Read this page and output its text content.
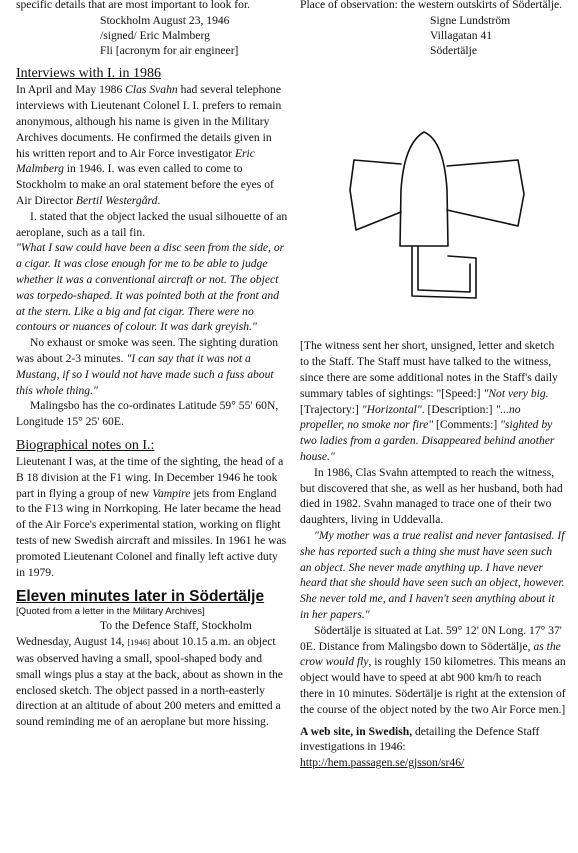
specific details that are most important to look for.

Stockholm August 23, 1946
/signed/ Eric Malmberg
Fli [acronym for air engineer]
Interviews with I. in 1986

In April and May 1986 Clas Svahn had several telephone interviews with Lieutenant Colonel I. I. prefers to remain anonymous, although his name is given in the Military Archives documents. He confirmed the details given in his written report and to Air Force investigator Eric Malmberg in 1946. I. was even called to come to Stockholm to make an oral statement before the eyes of Air Director Bertil Westergård.

I. stated that the object lacked the usual silhouette of an aeroplane, such as a tail fin.

"What I saw could have been a disc seen from the side, or a cigar. It was close enough for me to be able to judge whether it was a conventional aircraft or not. The object was torpedo-shaped. It was pointed both at the front and at the stern. Like a big and fat cigar. There were no contours or nuances of colour. It was dark greyish."

No exhaust or smoke was seen. The sighting duration was about 2-3 minutes. "I can say that it was not a Mustang, if so I would not have made such a fuss about this whole thing."

Malingsbo has the co-ordinates Latitude 59° 55' 60N, Longitude 15° 25' 60E.

Biographical notes on I.:

Lieutenant I was, at the time of the sighting, the head of a B 18 division at the F1 wing. In December 1946 he took part in flying a group of new Vampire jets from England to the F13 wing in Norrkoping. He later became the head of the Air Force's experimental station, working on flight tests of new Swedish aircraft and missiles. In 1961 he was promoted Lieutenant Colonel and finally left active duty in 1979.

Eleven minutes later in Södertälje
[Quoted from a letter in the Military Archives]

To the Defence Staff, Stockholm

Wednesday, August 14, [1946] about 10.15 a.m. an object was observed having a small, spool-shaped body and small wings plus a stay at the back, about as shown in the enclosed sketch. The object passed in a north-easterly direction at an altitude of about 200 meters and emitted a sound reminding me of an aeroplane but more hissing.

Place of observation: the western outskirts of Södertälje.

Signe Lundström
Villagatan 41
Södertälje

[The witness sent her short, unsigned, letter and sketch to the Staff. The Staff must have talked to the witness, since there are some additional notes in the Staff's daily summary tables of sightings: "[Speed:] "Not very big. [Trajectory:] "Horizontal". [Description:] "...no propeller, no smoke nor fire" [Comments:] "sighted by two ladies from a garden. Disappeared behind another house."

In 1986, Clas Svahn attempted to reach the witness, but discovered that she, as well as her husband, both had died in 1982. Svahn managed to trace one of their two daughters, living in Uddevalla.

"My mother was a true realist and never fantasised. If she has reported such a thing she must have seen such an object. She never made anything up. I have never heard that she should have seen such an object, however. She never told me, and I haven't seen anything about it in her papers."

Södertälje is situated at Lat. 59° 12' 0N Long. 17° 37' 0E. Distance from Malingsbo down to Södertälje, as the crow would fly, is roughly 150 kilometres. This means an object would have to speed at abt 900 km/h to reach there in 10 minutes. Södertälje is right at the extension of the course of the object noted by the two Air Force men.]

A web site, in Swedish, detailing the Defence Staff investigations in 1946:

http://hem.passagen.se/gjsson/sr46/
